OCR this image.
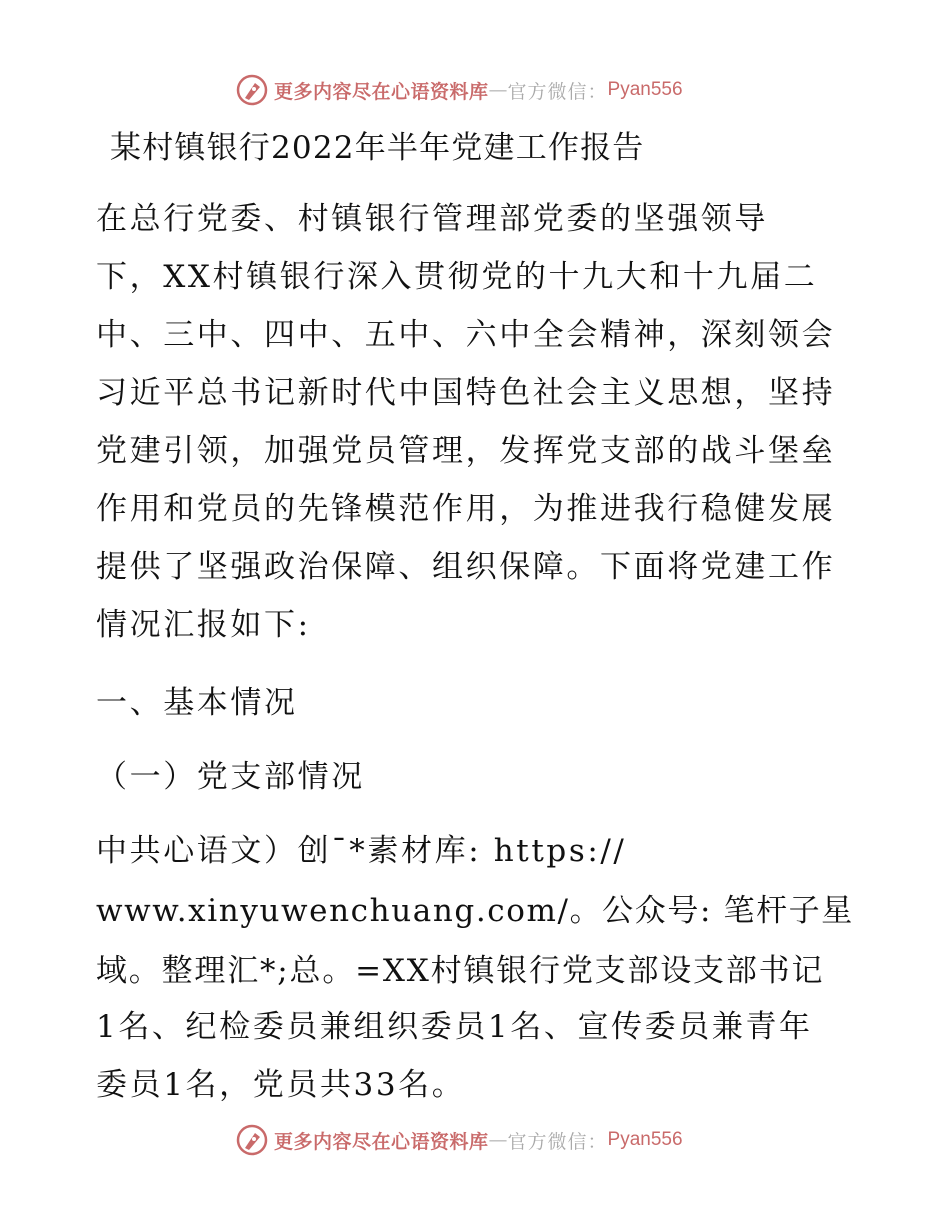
更多内容尽在心语资料库 — 官方微信： Pyan556
某村镇银行2022年半年党建工作报告
在总行党委、村镇银行管理部党委的坚强领导
下，XX村镇银行深入贯彻党的十九大和十九届二
中、三中、四中、五中、六中全会精神，深刻领会
习近平总书记新时代中国特色社会主义思想，坚持
党建引领，加强党员管理，发挥党支部的战斗堡垒
作用和党员的先锋模范作用，为推进我行稳健发展
提供了坚强政治保障、组织保障。下面将党建工作
情况汇报如下:
一、基本情况
（一）党支部情况
中共心语文）创¯*素材库: https://
www.xinyuwenchuang.com/。公众号: 笔杆子星
域。整理汇*;总。=XX村镇银行党支部设支部书记
1名、纪检委员兼组织委员1名、宣传委员兼青年
委员1名，党员共33名。
更多内容尽在心语资料库 — 官方微信： Pyan556
